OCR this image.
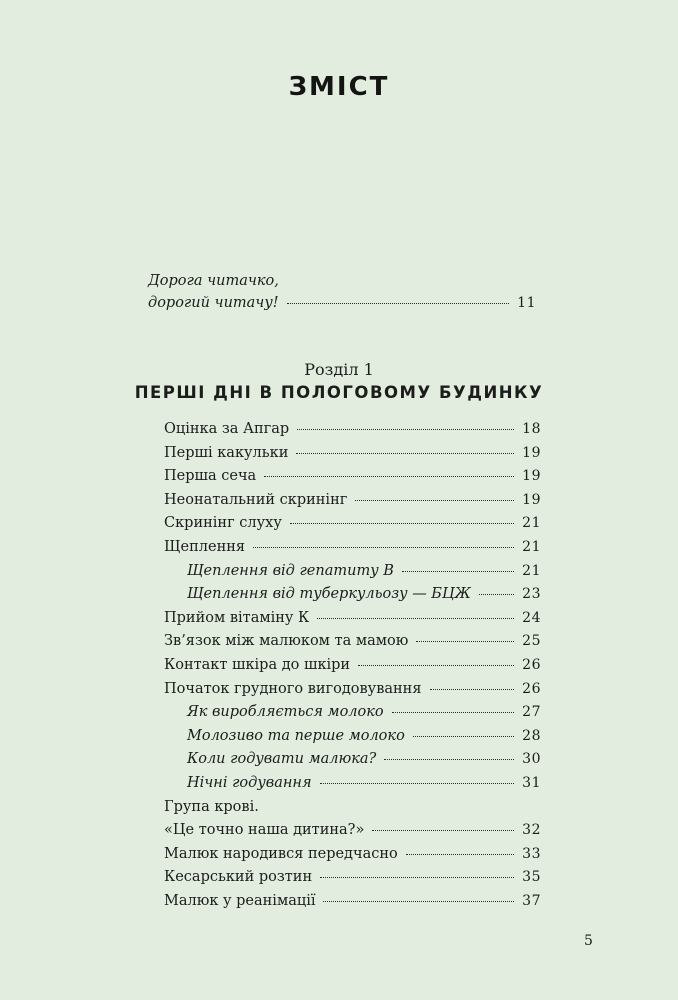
ЗМІСТ
Дорога читачко,
дорогий читачу!	11
Розділ 1
ПЕРШІ ДНІ В ПОЛОГОВОМУ БУДИНКУ
Оцінка за Апгар	18
Перші какульки	19
Перша сеча	19
Неонатальний скринінг	19
Скринінг слуху	21
Щеплення	21
Щеплення від гепатиту В	21
Щеплення від туберкульозу — БЦЖ	23
Прийом вітаміну К	24
Зв’язок між малюком та мамою	25
Контакт шкіра до шкіри	26
Початок грудного вигодовування	26
Як виробляється молоко	27
Молозиво та перше молоко	28
Коли годувати малюка?	30
Нічні годування	31
Група крові.
«Це точно наша дитина?»	32
Малюк народився передчасно	33
Кесарський розтин	35
Малюк у реанімації	37
5
